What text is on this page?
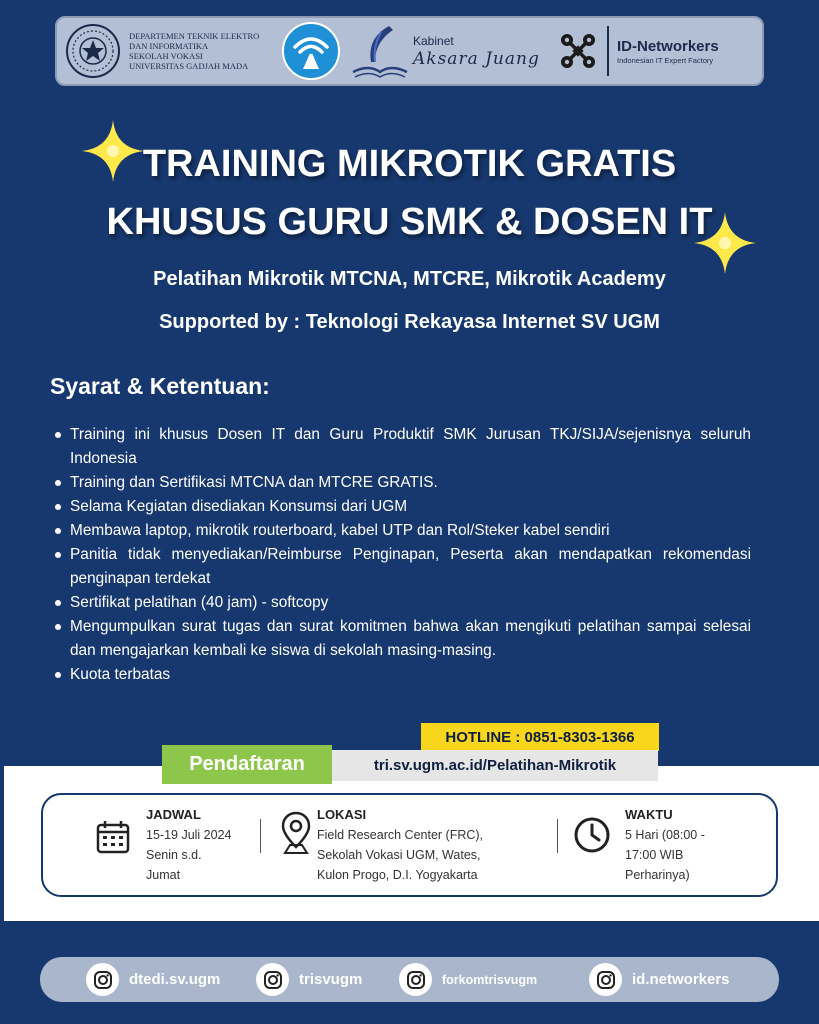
DEPARTEMEN TEKNIK ELEKTRO
DAN INFORMATIKA
SEKOLAH VOKASI
UNIVERSITAS GADJAH MADA
Kabinet
Aksara Juang
ID-Networkers
Indonesian IT Expert Factory
TRAINING MIKROTIK GRATIS
KHUSUS GURU SMK & DOSEN IT
Pelatihan Mikrotik MTCNA, MTCRE, Mikrotik Academy
Supported by : Teknologi Rekayasa Internet SV UGM
Syarat & Ketentuan:
Training ini khusus Dosen IT dan Guru Produktif SMK Jurusan TKJ/SIJA/sejenisnya seluruh Indonesia
Training dan Sertifikasi MTCNA dan MTCRE GRATIS.
Selama Kegiatan disediakan Konsumsi dari UGM
Membawa laptop, mikrotik routerboard, kabel UTP dan Rol/Steker kabel sendiri
Panitia tidak menyediakan/Reimburse Penginapan, Peserta akan mendapatkan rekomendasi penginapan terdekat
Sertifikat pelatihan (40 jam) - softcopy
Mengumpulkan surat tugas dan surat komitmen bahwa akan mengikuti pelatihan sampai selesai dan mengajarkan kembali ke siswa di sekolah masing-masing.
Kuota terbatas
HOTLINE : 0851-8303-1366
Pendaftaran	tri.sv.ugm.ac.id/Pelatihan-Mikrotik
JADWAL
15-19 Juli 2024
Senin s.d.
Jumat
LOKASI
Field Research Center (FRC),
Sekolah Vokasi UGM, Wates,
Kulon Progo, D.I. Yogyakarta
WAKTU
5 Hari (08:00 -
17:00 WIB
Perharinya)
dtedi.sv.ugm	trisvugm	forkomtrisvugm	id.networkers
